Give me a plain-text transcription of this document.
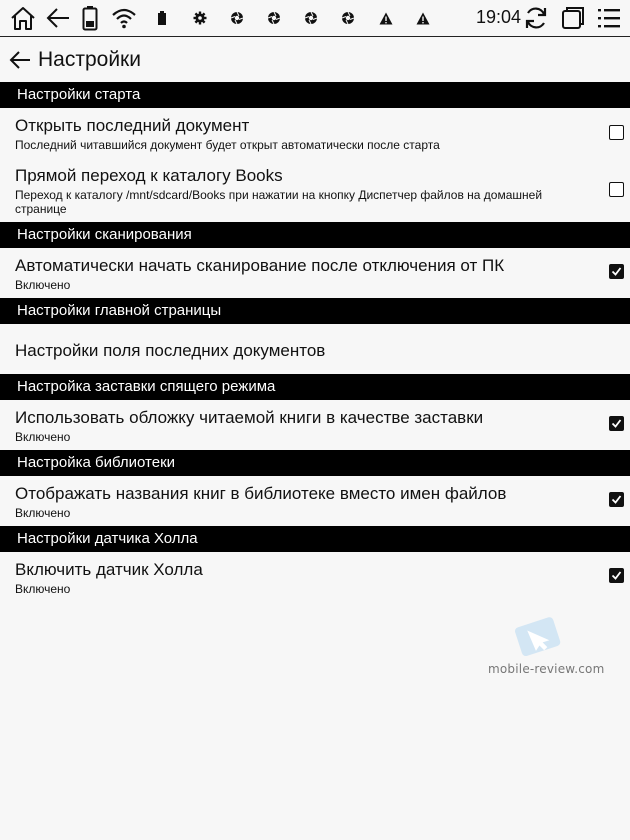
19:04
Настройки
Настройки старта
Открыть последний документ
Последний читавшийся документ будет открыт автоматически после старта
Прямой переход к каталогу Books
Переход к каталогу /mnt/sdcard/Books при нажатии на кнопку Диспетчер файлов на домашней странице
Настройки сканирования
Автоматически начать сканирование после отключения от ПК
Включено
Настройки главной страницы
Настройки поля последних документов
Настройка заставки спящего режима
Использовать обложку читаемой книги в качестве заставки
Включено
Настройка библиотеки
Отображать названия книг в библиотеке вместо имен файлов
Включено
Настройки датчика Холла
Включить датчик Холла
Включено
mobile-review.com
